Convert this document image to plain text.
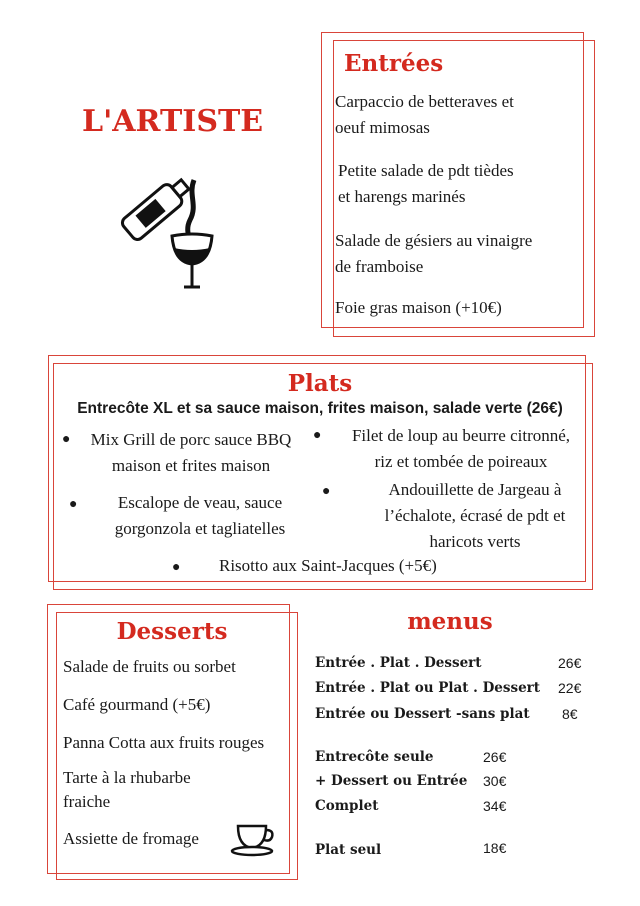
L'ARTISTE
Entrées
Carpaccio de betteraves et
oeuf mimosas
Petite salade de pdt tièdes
et harengs marinés
Salade de gésiers au vinaigre
de framboise
Foie gras maison (+10€)
Plats
Entrecôte XL et sa sauce maison, frites maison, salade verte (26€)
● Mix Grill de porc sauce BBQ
maison et frites maison
●	Filet de loup au beurre citronné,
riz et tombée de poireaux
●	Escalope de veau, sauce
gorgonzola et tagliatelles
●	Andouillette de Jargeau à
l’échalote, écrasé de pdt et
haricots verts
● Risotto aux Saint-Jacques (+5€)
Desserts
Salade de fruits ou sorbet
Café gourmand (+5€)
Panna Cotta aux fruits rouges
Tarte à la rhubarbe
fraiche
Assiette de fromage
menus
Entrée . Plat . Dessert	26€
Entrée . Plat ou Plat . Dessert 22€
Entrée ou Dessert -sans plat 8€
Entrecôte seule	26€
+ Dessert ou Entrée 30€
Complet	34€
Plat seul	18€
